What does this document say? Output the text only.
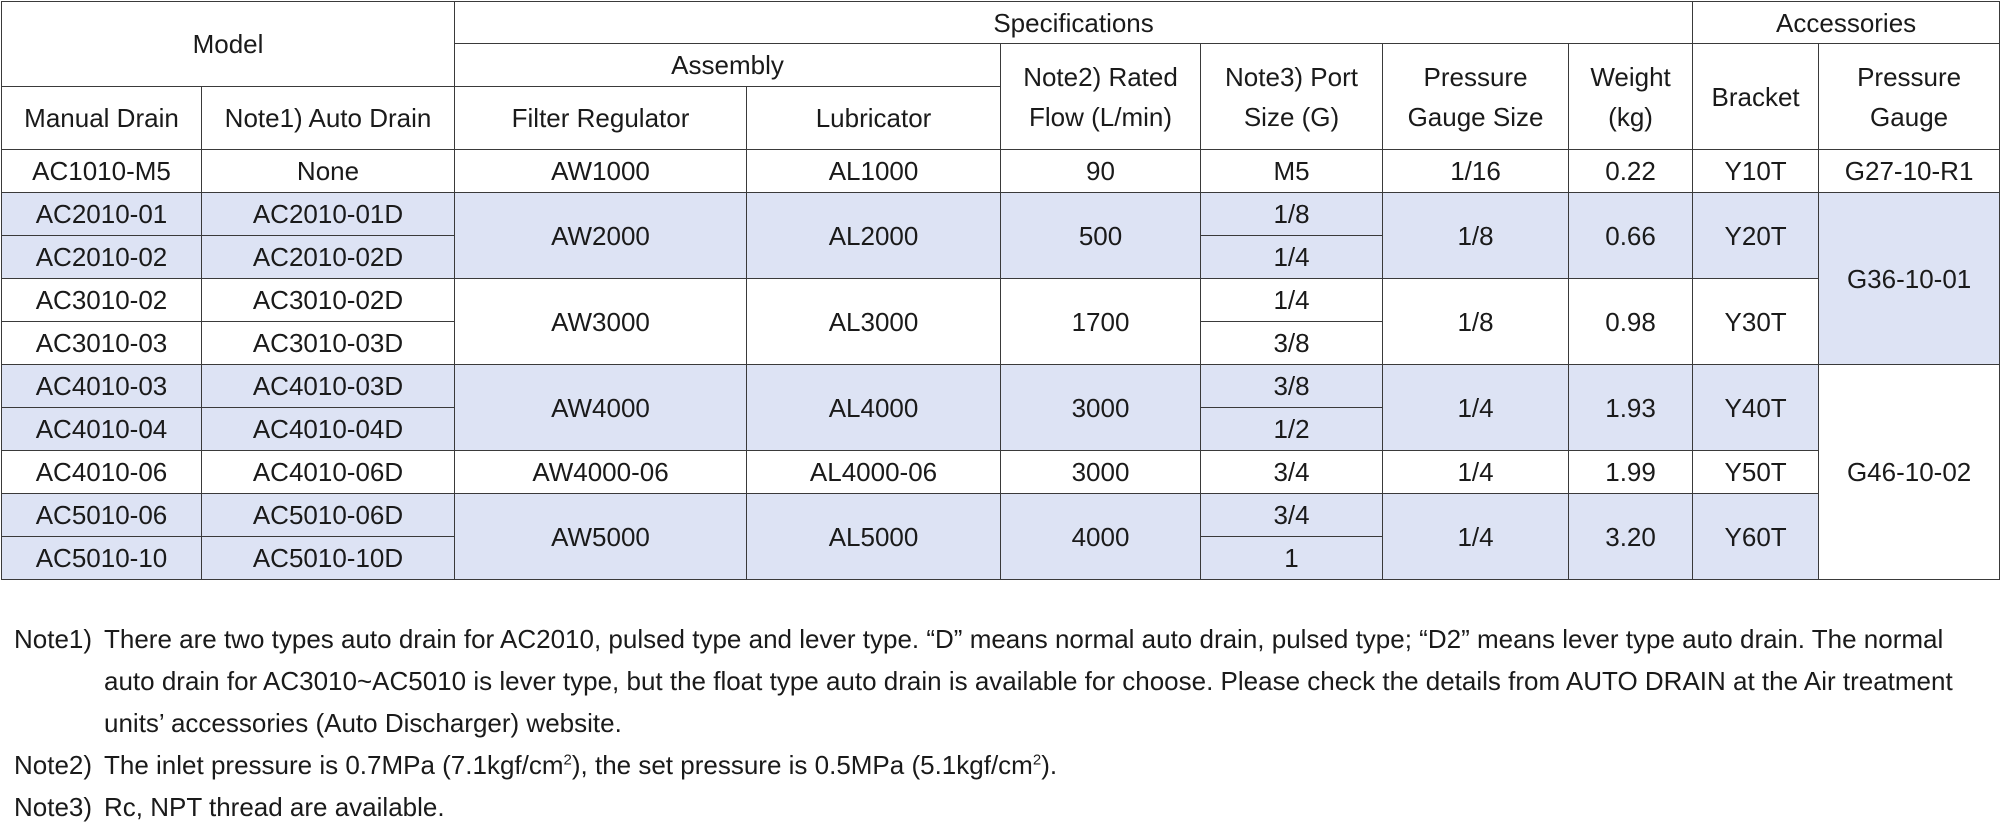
Model		Specifications						Accessories	
		Assembly		Note2) Rated Flow (L/min)	Note3) Port Size (G)	Pressure Gauge Size	Weight (kg)	Bracket	Pressure Gauge
Manual Drain	Note1) Auto Drain	Filter Regulator	Lubricator						
AC1010-M5	None	AW1000	AL1000	90	M5	1/16	0.22	Y10T	G27-10-R1
AC2010-01	AC2010-01D	AW2000	AL2000	500	1/8	1/8	0.66	Y20T	G36-10-01
AC2010-02	AC2010-02D				1/4				
AC3010-02	AC3010-02D	AW3000	AL3000	1700	1/4	1/8	0.98	Y30T	
AC3010-03	AC3010-03D				3/8				
AC4010-03	AC4010-03D	AW4000	AL4000	3000	3/8	1/4	1.93	Y40T	G46-10-02
AC4010-04	AC4010-04D				1/2				
AC4010-06	AC4010-06D	AW4000-06	AL4000-06	3000	3/4	1/4	1.99	Y50T	
AC5010-06	AC5010-06D	AW5000	AL5000	4000	3/4	1/4	3.20	Y60T	
AC5010-10	AC5010-10D				1				
Note1) There are two types auto drain for AC2010, pulsed type and lever type. “D” means normal auto drain, pulsed type; “D2” means lever type auto drain. The normal auto drain for AC3010~AC5010 is lever type, but the float type auto drain is available for choose. Please check the details from AUTO DRAIN at the Air treatment units’ accessories (Auto Discharger) website.
Note2) The inlet pressure is 0.7MPa $(7.1kgf/cm^2)$, the set pressure is 0.5MPa $(5.1kgf/cm^2)$.
Note3) Rc, NPT thread are available.
